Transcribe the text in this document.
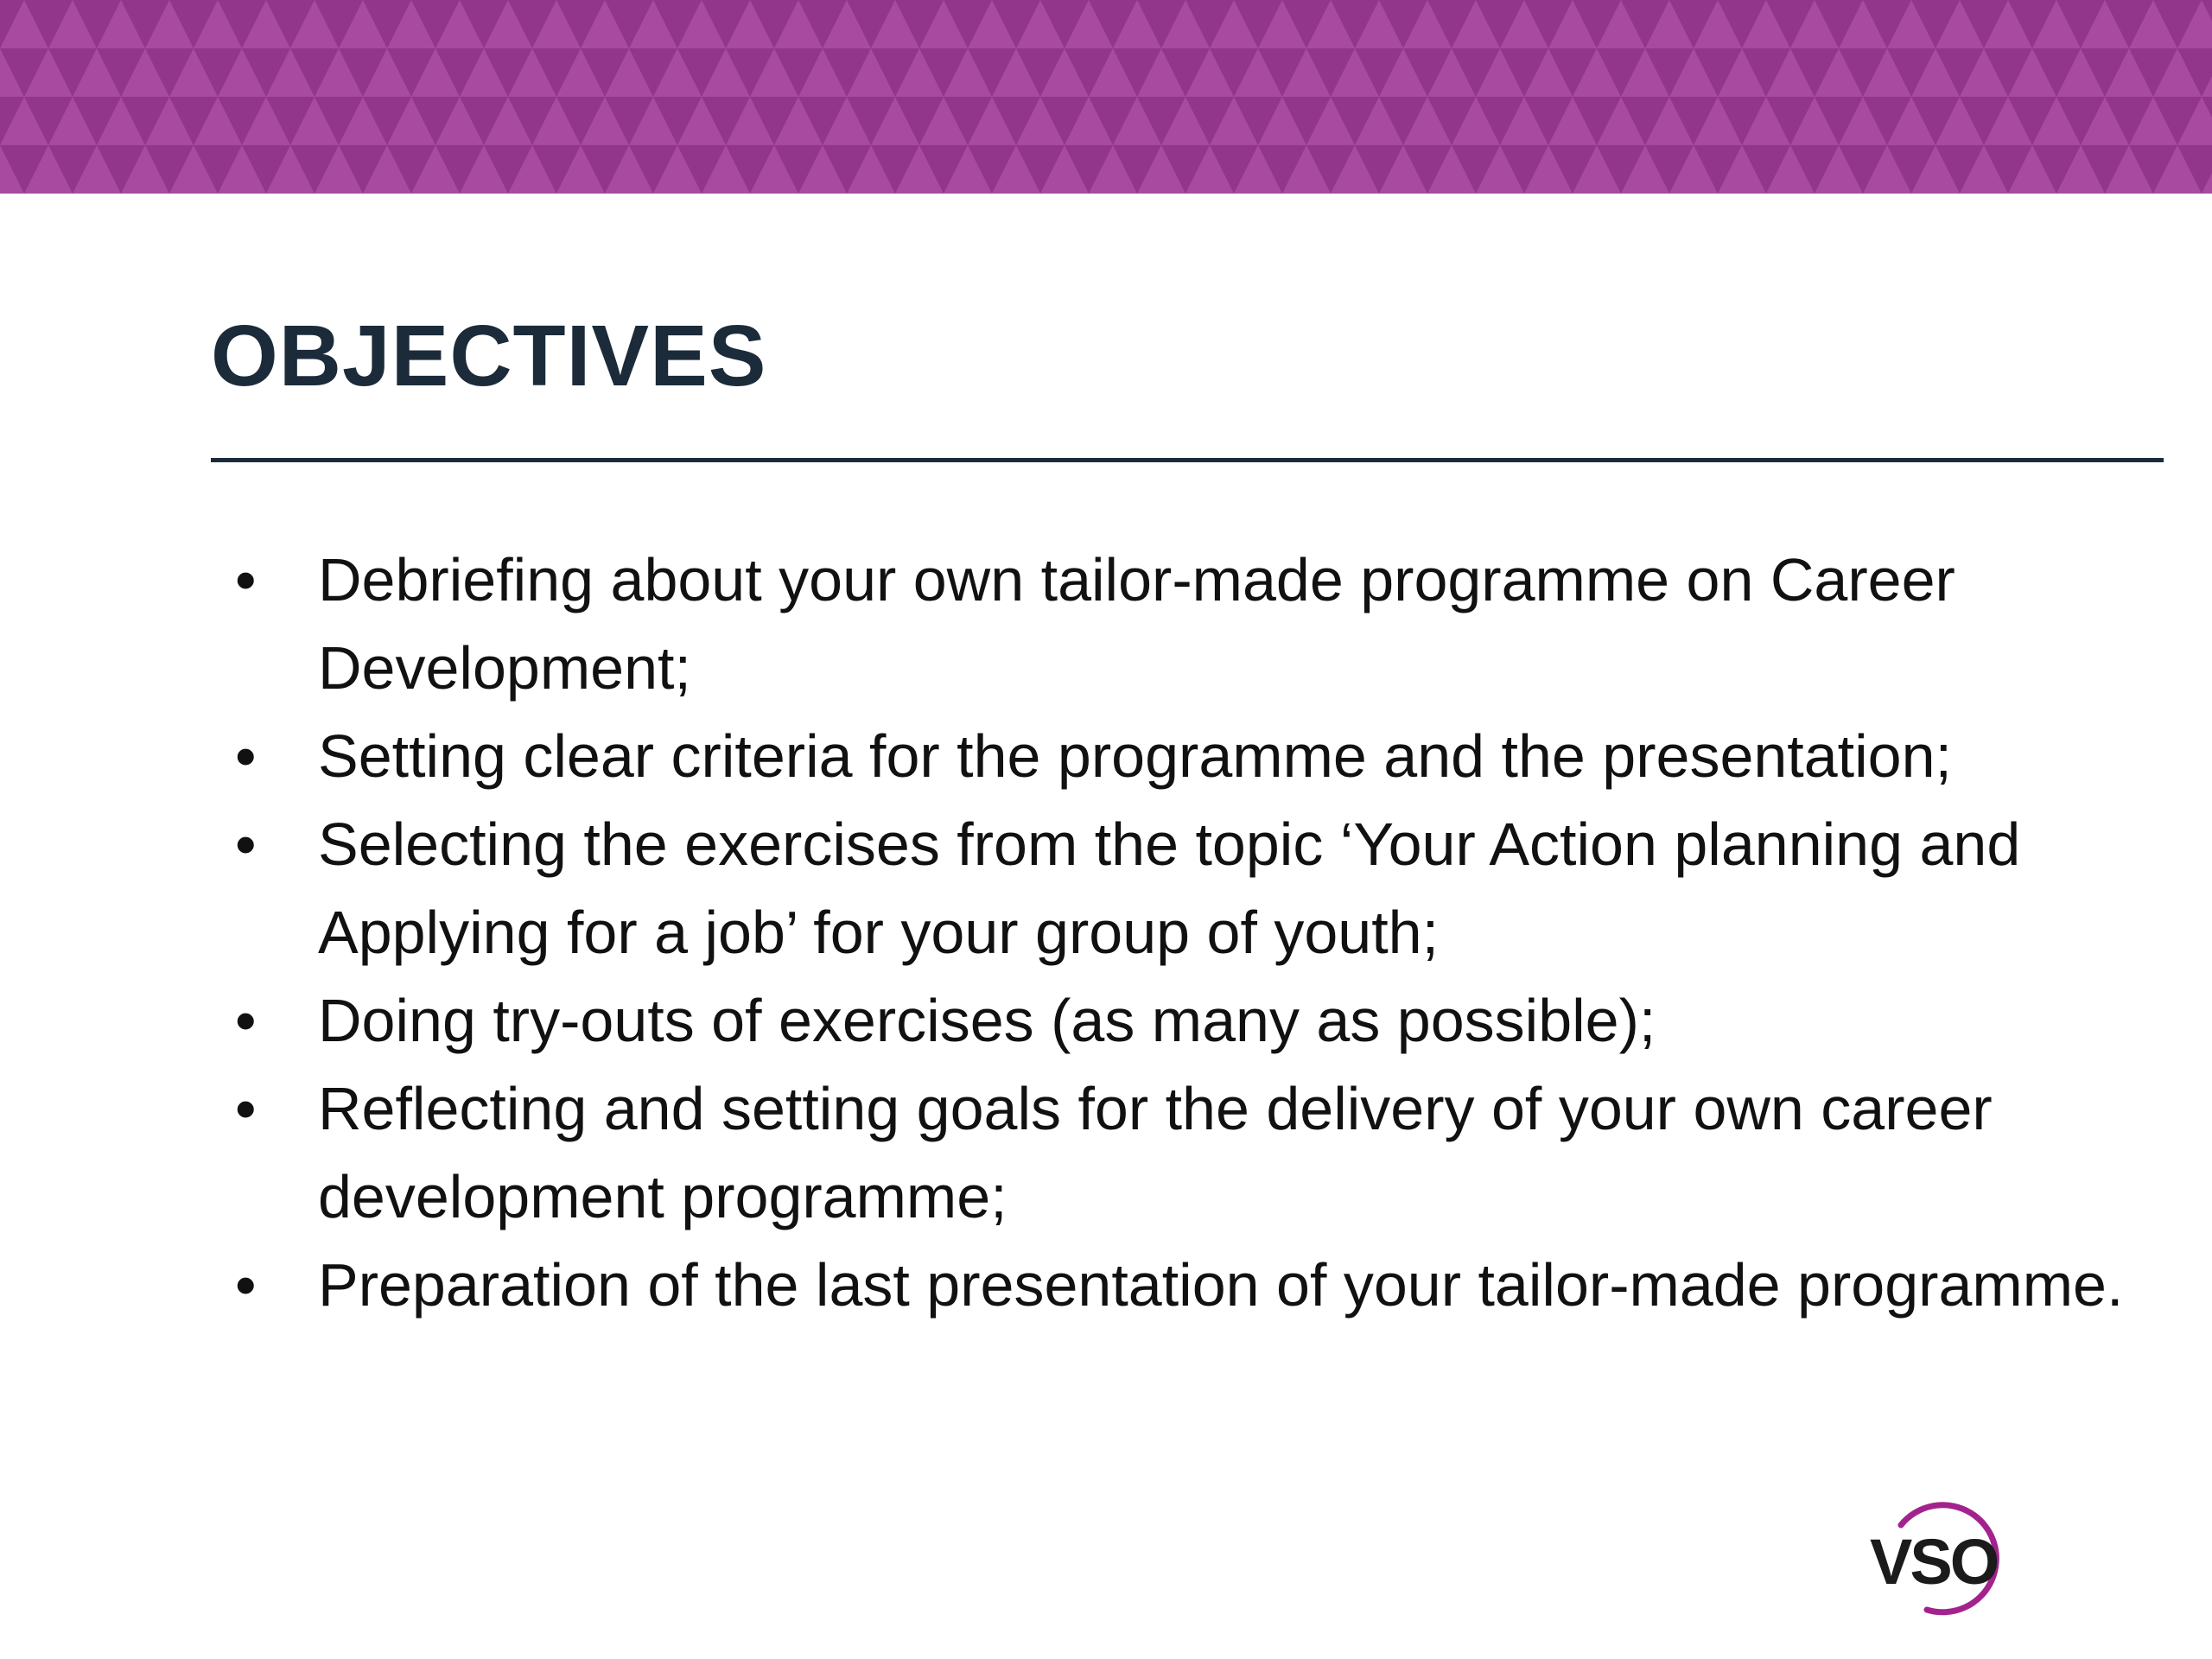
OBJECTIVES
• Debriefing about your own tailor-made programme on Career Development;
• Setting clear criteria for the programme and the presentation;
• Selecting the exercises from the topic ‘Your Action planning and Applying for a job’ for your group of youth;
• Doing try-outs of exercises (as many as possible);
• Reflecting and setting goals for the delivery of your own career development programme;
• Preparation of the last presentation of your tailor-made programme.
VSO
